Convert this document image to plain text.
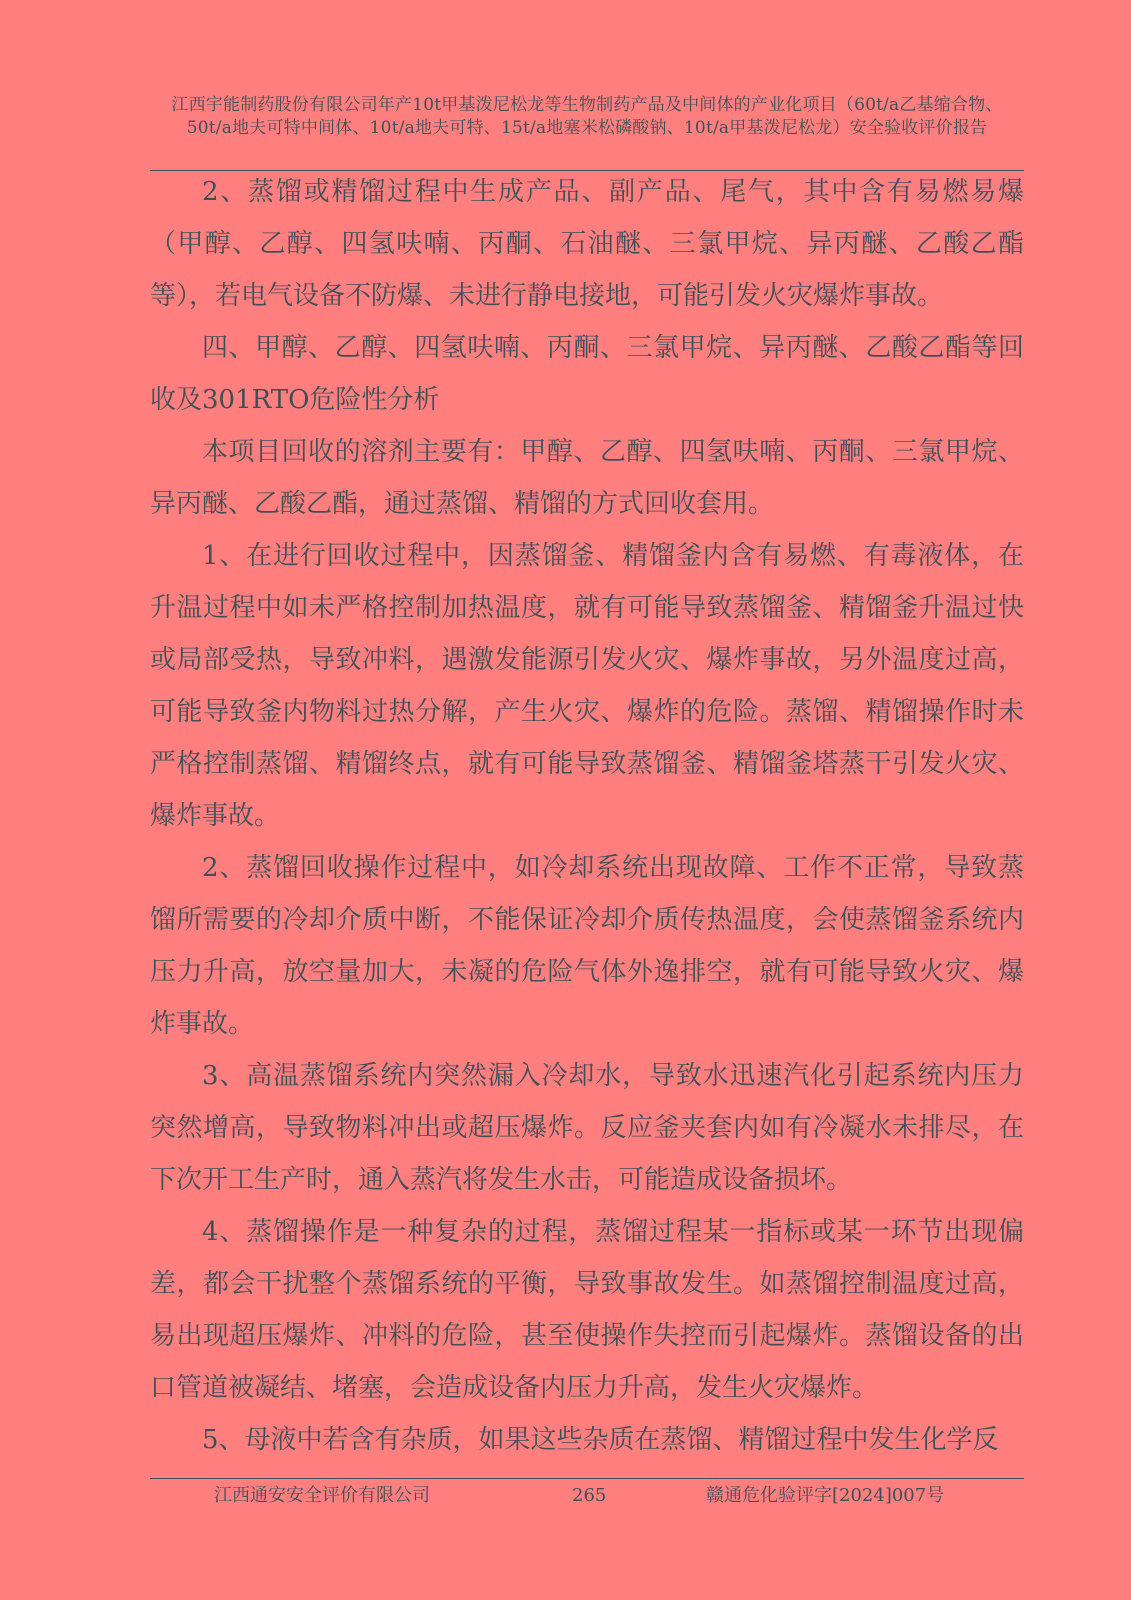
江西宇能制药股份有限公司年产10t甲基泼尼松龙等生物制药产品及中间体的产业化项目（60t/a乙基缩合物、50t/a地夫可特中间体、10t/a地夫可特、15t/a地塞米松磷酸钠、10t/a甲基泼尼松龙）安全验收评价报告

2、蒸馏或精馏过程中生成产品、副产品、尾气，其中含有易燃易爆（甲醇、乙醇、四氢呋喃、丙酮、石油醚、三氯甲烷、异丙醚、乙酸乙酯等），若电气设备不防爆、未进行静电接地，可能引发火灾爆炸事故。

四、甲醇、乙醇、四氢呋喃、丙酮、三氯甲烷、异丙醚、乙酸乙酯等回收及301RTO危险性分析

本项目回收的溶剂主要有：甲醇、乙醇、四氢呋喃、丙酮、三氯甲烷、异丙醚、乙酸乙酯，通过蒸馏、精馏的方式回收套用。

1、在进行回收过程中，因蒸馏釜、精馏釜内含有易燃、有毒液体，在升温过程中如未严格控制加热温度，就有可能导致蒸馏釜、精馏釜升温过快或局部受热，导致冲料，遇激发能源引发火灾、爆炸事故，另外温度过高，可能导致釜内物料过热分解，产生火灾、爆炸的危险。蒸馏、精馏操作时未严格控制蒸馏、精馏终点，就有可能导致蒸馏釜、精馏釜塔蒸干引发火灾、爆炸事故。

2、蒸馏回收操作过程中，如冷却系统出现故障、工作不正常，导致蒸馏所需要的冷却介质中断，不能保证冷却介质传热温度，会使蒸馏釜系统内压力升高，放空量加大，未凝的危险气体外逸排空，就有可能导致火灾、爆炸事故。

3、高温蒸馏系统内突然漏入冷却水，导致水迅速汽化引起系统内压力突然增高，导致物料冲出或超压爆炸。反应釜夹套内如有冷凝水未排尽，在下次开工生产时，通入蒸汽将发生水击，可能造成设备损坏。

4、蒸馏操作是一种复杂的过程，蒸馏过程某一指标或某一环节出现偏差，都会干扰整个蒸馏系统的平衡，导致事故发生。如蒸馏控制温度过高，易出现超压爆炸、冲料的危险，甚至使操作失控而引起爆炸。蒸馏设备的出口管道被凝结、堵塞，会造成设备内压力升高，发生火灾爆炸。

5、母液中若含有杂质，如果这些杂质在蒸馏、精馏过程中发生化学反

江西通安安全评价有限公司	265	赣通危化验评字[2024]007号
